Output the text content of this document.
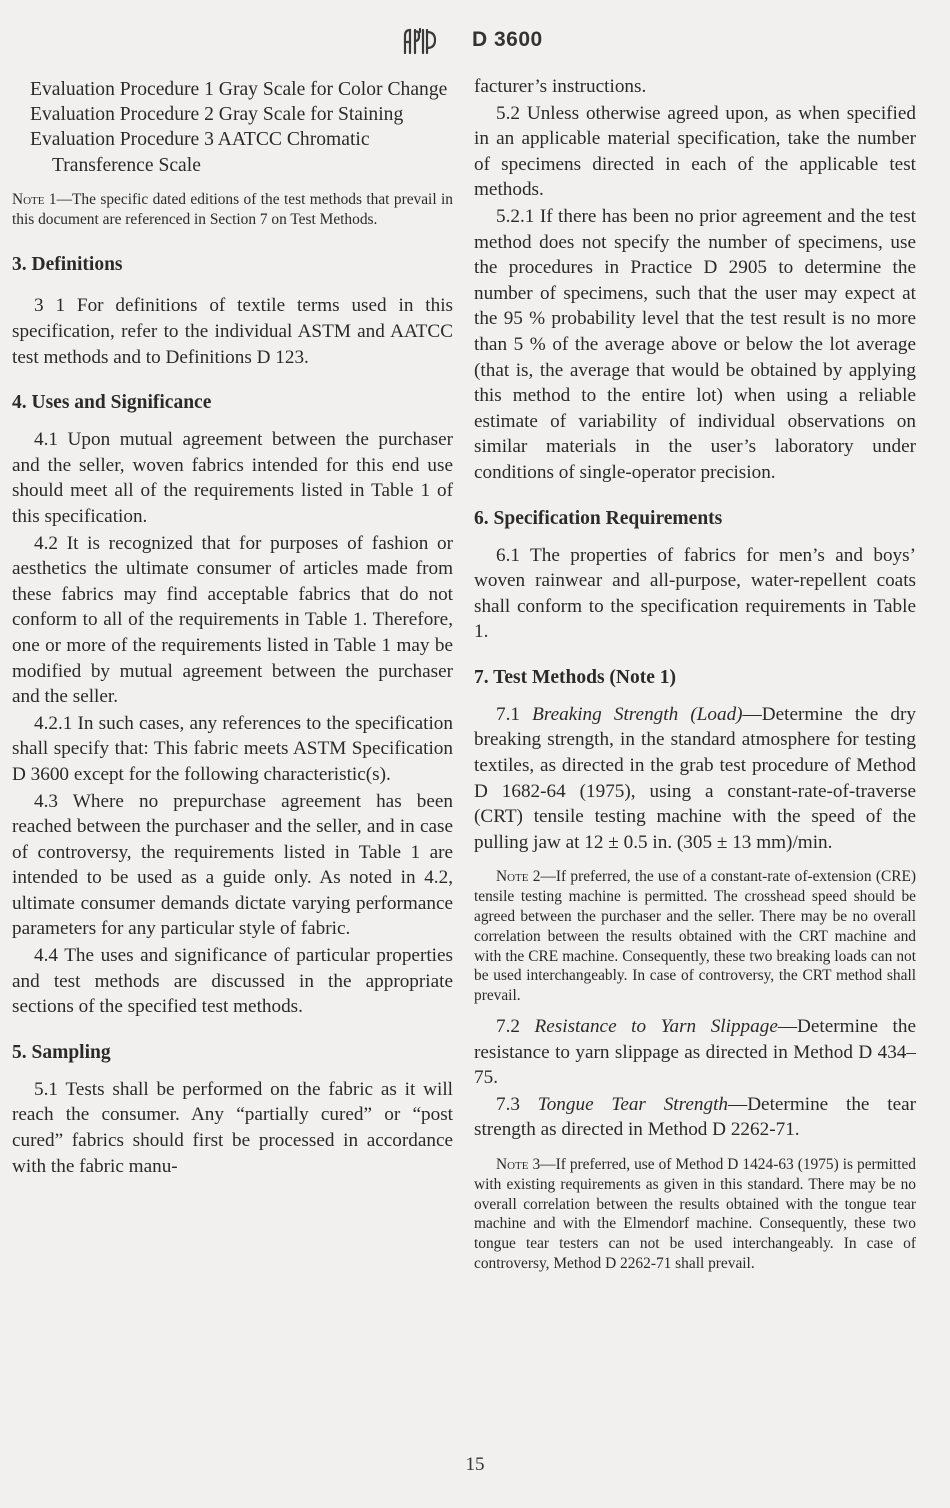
D 3600

Evaluation Procedure 1 Gray Scale for Color Change

Evaluation Procedure 2 Gray Scale for Staining

Evaluation Procedure 3 AATCC Chromatic Transference Scale

Note 1—The specific dated editions of the test methods that prevail in this document are referenced in Section 7 on Test Methods.

3. Definitions

3 1 For definitions of textile terms used in this specification, refer to the individual ASTM and AATCC test methods and to Definitions D 123.

4. Uses and Significance

4.1 Upon mutual agreement between the purchaser and the seller, woven fabrics intended for this end use should meet all of the requirements listed in Table 1 of this specification.

4.2 It is recognized that for purposes of fashion or aesthetics the ultimate consumer of articles made from these fabrics may find acceptable fabrics that do not conform to all of the requirements in Table 1. Therefore, one or more of the requirements listed in Table 1 may be modified by mutual agreement between the purchaser and the seller.

4.2.1 In such cases, any references to the specification shall specify that: This fabric meets ASTM Specification D 3600 except for the following characteristic(s).

4.3 Where no prepurchase agreement has been reached between the purchaser and the seller, and in case of controversy, the requirements listed in Table 1 are intended to be used as a guide only. As noted in 4.2, ultimate consumer demands dictate varying performance parameters for any particular style of fabric.

4.4 The uses and significance of particular properties and test methods are discussed in the appropriate sections of the specified test methods.

5. Sampling

5.1 Tests shall be performed on the fabric as it will reach the consumer. Any “partially cured” or “post cured” fabrics should first be processed in accordance with the fabric manu-

facturer’s instructions.

5.2 Unless otherwise agreed upon, as when specified in an applicable material specification, take the number of specimens directed in each of the applicable test methods.

5.2.1 If there has been no prior agreement and the test method does not specify the number of specimens, use the procedures in Practice D 2905 to determine the number of specimens, such that the user may expect at the 95 % probability level that the test result is no more than 5 % of the average above or below the lot average (that is, the average that would be obtained by applying this method to the entire lot) when using a reliable estimate of variability of individual observations on similar materials in the user’s laboratory under conditions of single-operator precision.

6. Specification Requirements

6.1 The properties of fabrics for men’s and boys’ woven rainwear and all-purpose, water-repellent coats shall conform to the specification requirements in Table 1.

7. Test Methods (Note 1)

7.1 Breaking Strength (Load)—Determine the dry breaking strength, in the standard atmosphere for testing textiles, as directed in the grab test procedure of Method D 1682-64 (1975), using a constant-rate-of-traverse (CRT) tensile testing machine with the speed of the pulling jaw at 12 ± 0.5 in. (305 ± 13 mm)/min.

Note 2—If preferred, the use of a constant-rate of-extension (CRE) tensile testing machine is permitted. The crosshead speed should be agreed between the purchaser and the seller. There may be no overall correlation between the results obtained with the CRT machine and with the CRE machine. Consequently, these two breaking loads can not be used interchangeably. In case of controversy, the CRT method shall prevail.

7.2 Resistance to Yarn Slippage—Determine the resistance to yarn slippage as directed in Method D 434–75.

7.3 Tongue Tear Strength—Determine the tear strength as directed in Method D 2262-71.

Note 3—If preferred, use of Method D 1424-63 (1975) is permitted with existing requirements as given in this standard. There may be no overall correlation between the results obtained with the tongue tear machine and with the Elmendorf machine. Consequently, these two tongue tear testers can not be used interchangeably. In case of controversy, Method D 2262-71 shall prevail.

15
